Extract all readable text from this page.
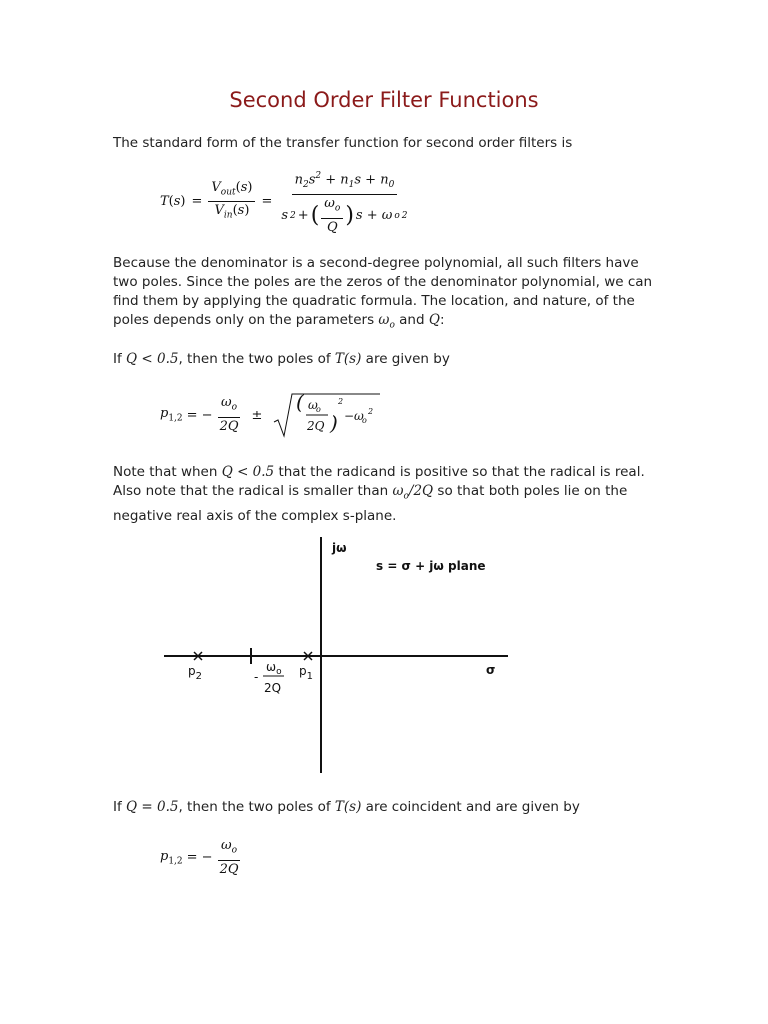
Second Order Filter Functions
The standard form of the transfer function for second order filters is
$T(s) = \frac{V_{out}(s)}{V_{in}(s)} = \frac{n_2s^2 + n_1s + n_0}{s 2 + ( \frac{\omega_o}{Q} ) s + \omega o 2}$
Because the denominator is a second-degree polynomial, all such filters have
two poles. Since the poles are the zeros of the denominator polynomial, we can
find them by applying the quadratic formula. The location, and nature, of the
poles depends only on the parameters $\omega_o$ and Q:
If Q < 0.5, then the two poles of T(s) are given by
$p_{1,2}$ = − $\frac{\omega_o}{2Q}$ ±
( ω
o
2Q )
2
−ω
o
2
Note that when Q < 0.5 that the radicand is positive so that the radical is real.
Also note that the radical is smaller than $\omega_o/2Q$ so that both poles lie on the
negative real axis of the complex s-plane.
jω
s = σ + jω plane
σ
$p_2$	$p_1$
-
$\omega_o$
2Q
If Q = 0.5, then the two poles of T(s) are coincident and are given by
$p_{1,2}$ = − $\frac{\omega_o}{2Q}$
